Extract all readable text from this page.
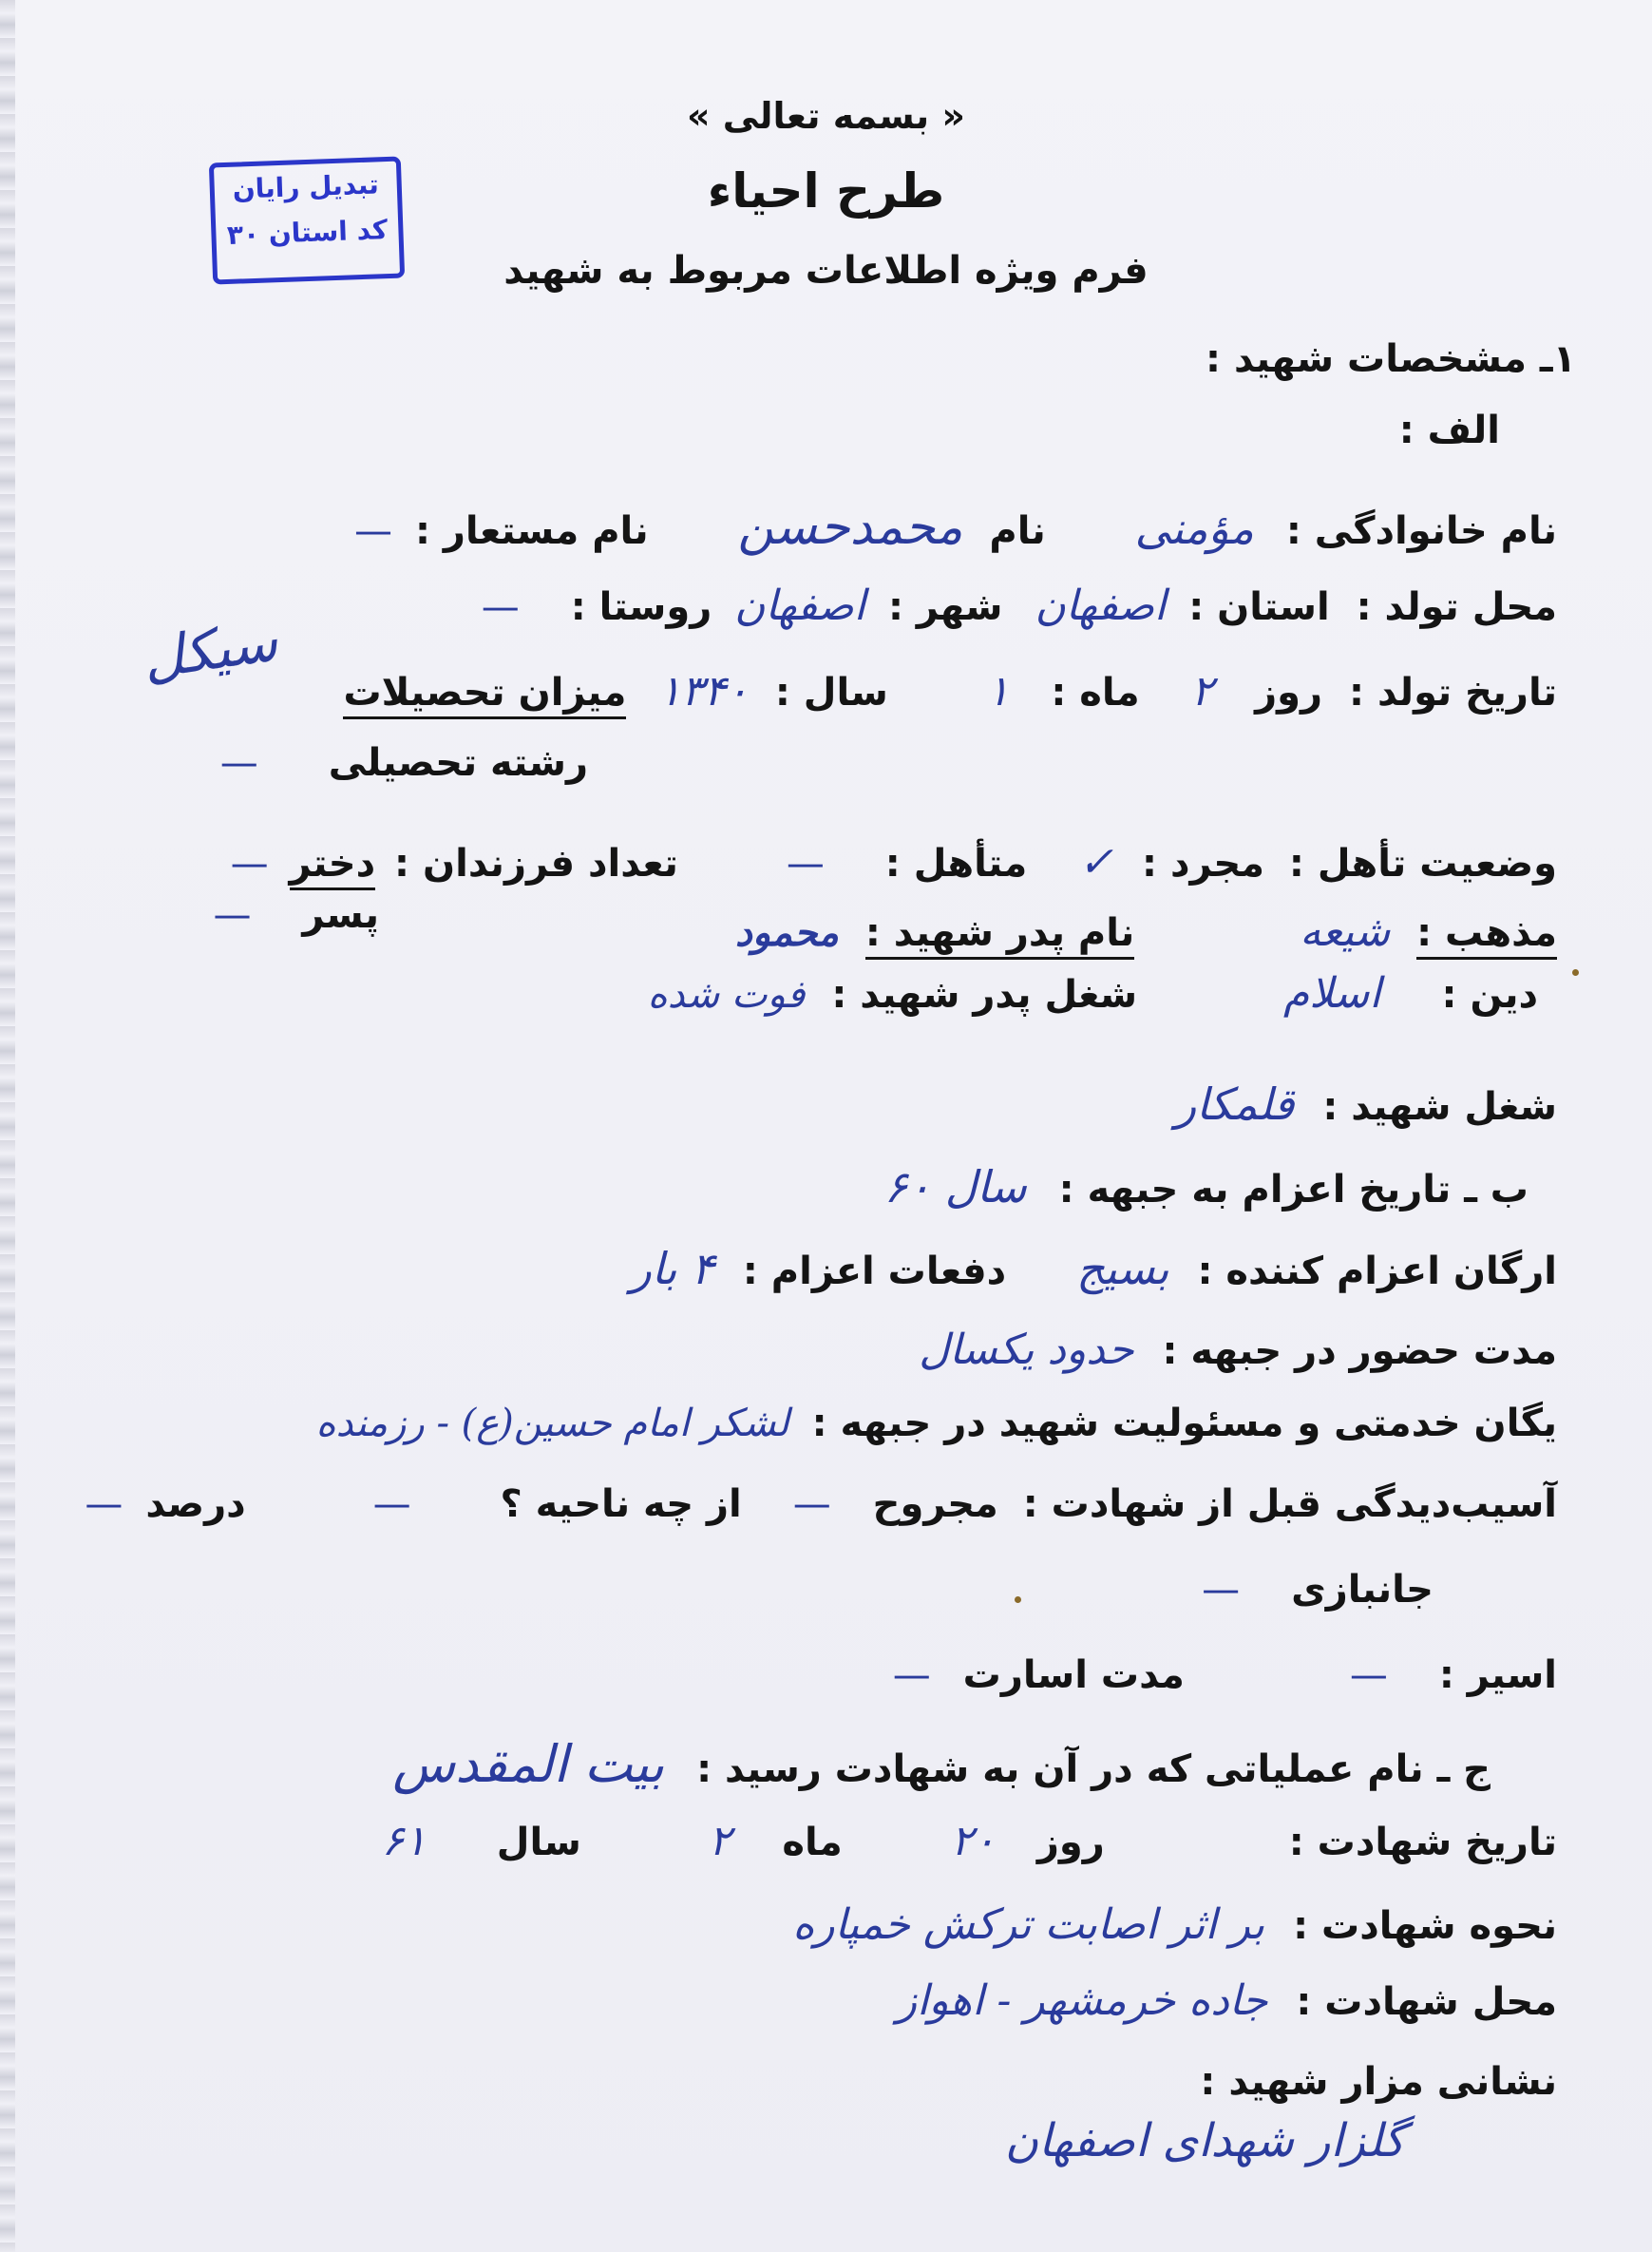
تبدیل رایان
کد استان ۳۰
« بسمه تعالی »
طرح احیاء
فرم ویژه اطلاعات مربوط به شهید
۱ـ مشخصات شهید :
الف :
نام خانوادگی : مؤمنی نام محمدحسن نام مستعار : —
محل تولد : استان : اصفهان شهر : اصفهان روستا : —
تاریخ تولد : روز ۲ ماه : ۱ سال : ۱۳۴۰ میزان تحصیلات
سیکل
رشته تحصیلی —
وضعیت تأهل : مجرد : ✓ متأهل : — تعداد فرزندان : دختر —
پسر —	مذهب : شیعه نام پدر شهید : محمود
دین : اسلام شغل پدر شهید : فوت شده
شغل شهید : قلمکار
ب ـ تاریخ اعزام به جبهه : سال ۶۰
ارگان اعزام کننده : بسیج دفعات اعزام : ۴ بار
مدت حضور در جبهه : حدود یکسال
یگان خدمتی و مسئولیت شهید در جبهه : لشکر امام حسین(ع) - رزمنده
آسیب‌دیدگی قبل از شهادت : مجروح — از چه ناحیه ؟ — درصد —
جانبازی —
اسیر : — مدت اسارت —
ج ـ نام عملیاتی که در آن به شهادت رسید : بیت المقدس
تاریخ شهادت : روز ۲۰ ماه ۲ سال ۶۱
نحوه شهادت : بر اثر اصابت ترکش خمپاره
محل شهادت : جاده خرمشهر - اهواز
نشانی مزار شهید :
گلزار شهدای اصفهان
